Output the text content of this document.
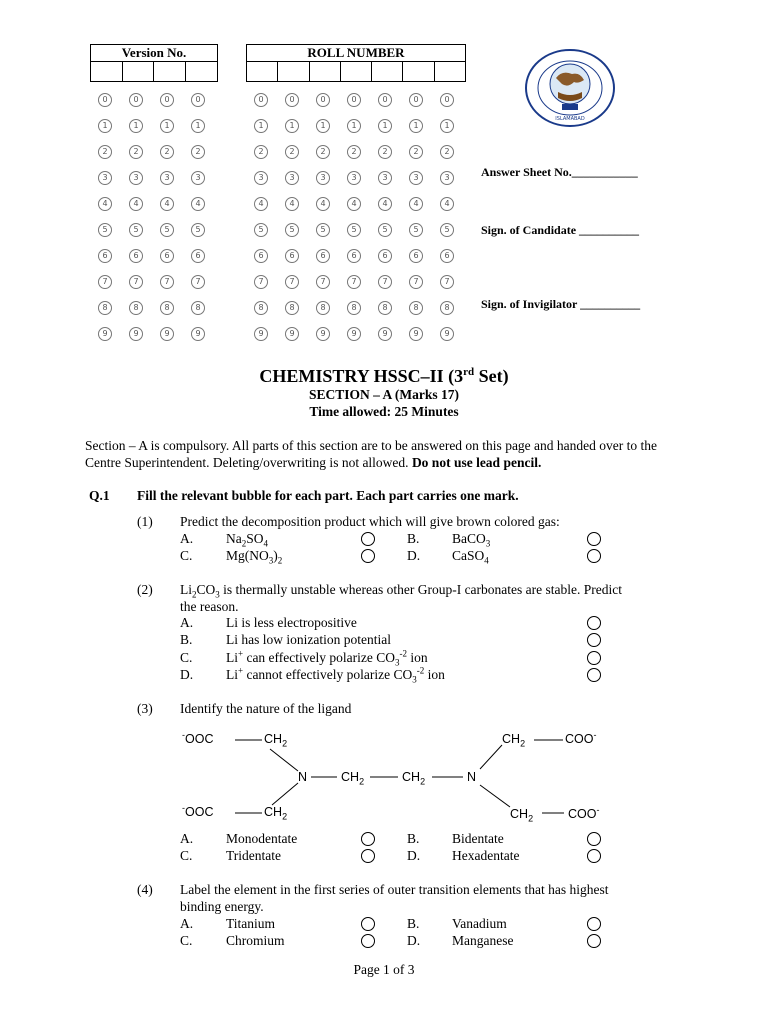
Version No.
				ROLL NUMBER

0	0	0	0	0	0	0	0	0	0	0
1	1	1	1	1	1	1	1	1	1	1
2	2	2	2	2	2	2	2	2	2	2
3	3	3	3	3	3	3	3	3	3	3
4	4	4	4	4	4	4	4	4	4	4
5	5	5	5	5	5	5	5	5	5	5
6	6	6	6	6	6	6	6	6	6	6
7	7	7	7	7	7	7	7	7	7	7
8	8	8	8	8	8	8	8	8	8	8
9	9	9	9	9	9	9	9	9	9	9
ISLAMABAD
Answer Sheet No.___________
Sign. of Candidate __________
Sign. of Invigilator __________
CHEMISTRY HSSC–II (3rd Set)
SECTION – A (Marks 17)
Time allowed: 25 Minutes
Section – A is compulsory. All parts of this section are to be answered on this page and handed over to the Centre Superintendent. Deleting/overwriting is not allowed. Do not use lead pencil.
Q.1 Fill the relevant bubble for each part. Each part carries one mark.
(1) Predict the decomposition product which will give brown colored gas:
A. $Na_2SO_4$	B. BaCO$_3$
C. $Mg(NO_3)_2$	D. CaSO$_4$
(2) $Li_2CO_3$ is thermally unstable whereas other Group-I carbonates are stable. Predict
the reason.
A. Li is less electropositive
B. Li has low ionization potential
C. Li+ can effectively polarize $CO_3^{-2}$ ion
D. Li+ cannot effectively polarize $CO_3^{-2}$ ion
(3) Identify the nature of the ligand
-OOC	$CH_2$
N	$CH_2$	$CH_2$	N
$CH_2$	COO-
-OOC	$CH_2$	$CH_2$	COO-
A. Monodentate	B. Bidentate
C. Tridentate	D. Hexadentate
(4) Label the element in the first series of outer transition elements that has highest
binding energy.
A. Titanium	B. Vanadium
C. Chromium	D. Manganese
Page 1 of 3
